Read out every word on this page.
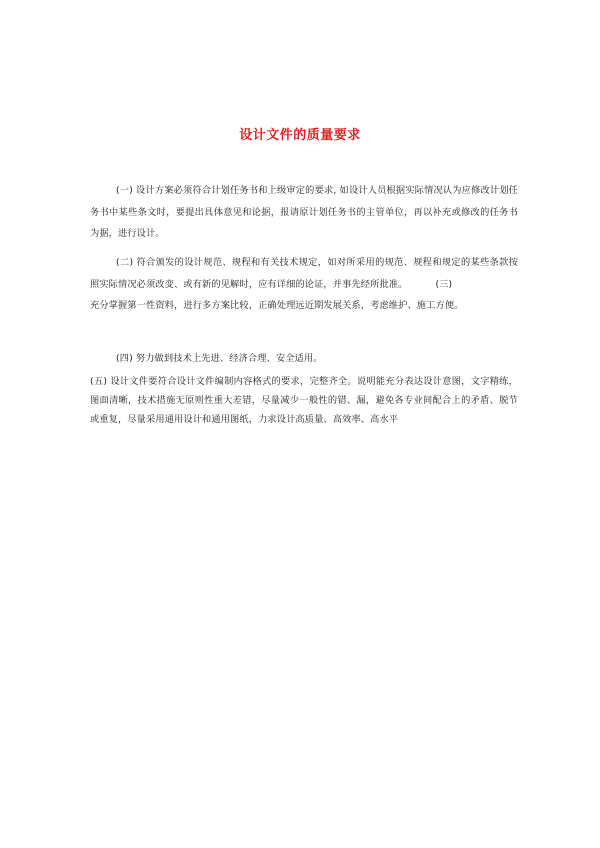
设计文件的质量要求
(一) 设计方案必须符合计划任务书和上级审定的要求, 如设计人员根据实际情况认为应修改计划任务书中某些条文时，要提出具体意见和论据，报请原计划任务书的主管单位，再以补充或修改的任务书为据，进行设计。
(二) 符合颁发的设计规范、规程和有关技术规定，如对所采用的规范、规程和规定的某些条款按照实际情况必须改变、或有新的见解时，应有详细的论证，并事先经所批准。	(三)
充分掌握第一性资料，进行多方案比较，正确处理远近期发展关系，考虑维护、施工方便。
(四) 努力做到技术上先进、经济合理、安全适用。
(五) 设计文件要符合设计文件编制内容格式的要求，完整齐全。说明能充分表达设计意图，文字精练，图面清晰，技术措施无原则性重大差错，尽量减少一般性的错、漏，避免各专业间配合上的矛盾、脱节或重复，尽量采用通用设计和通用图纸，力求设计高质量、高效率、高水平
